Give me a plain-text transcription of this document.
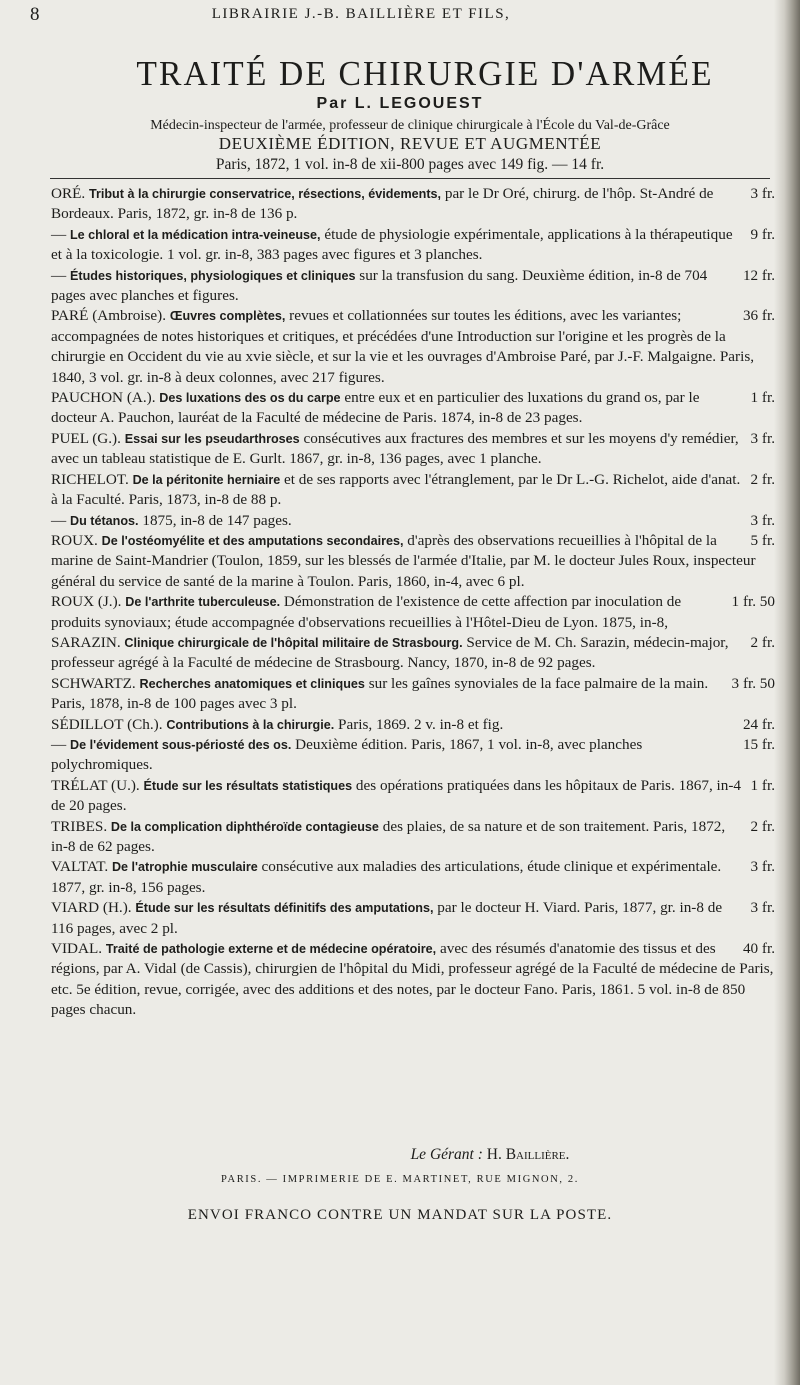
8	LIBRAIRIE J.-B. BAILLIÈRE ET FILS,
TRAITÉ DE CHIRURGIE D'ARMÉE
Par L. LEGOUEST
Médecin-inspecteur de l'armée, professeur de clinique chirurgicale à l'École du Val-de-Grâce
DEUXIÈME ÉDITION, REVUE ET AUGMENTÉE
Paris, 1872, 1 vol. in-8 de xii-800 pages avec 149 fig. — 14 fr.
3 fr.
ORÉ. Tribut à la chirurgie conservatrice, résections, évidements, par le Dr Oré, chirurg. de l'hôp. St-André de Bordeaux. Paris, 1872, gr. in-8 de 136 p.
9 fr.
— Le chloral et la médication intra-veineuse, étude de physiologie expérimentale, applications à la thérapeutique et à la toxicologie. 1 vol. gr. in-8, 383 pages avec figures et 3 planches.
12 fr.
— Études historiques, physiologiques et cliniques sur la transfusion du sang. Deuxième édition, in-8 de 704 pages avec planches et figures.
36 fr.
PARÉ (Ambroise). Œuvres complètes, revues et collationnées sur toutes les éditions, avec les variantes; accompagnées de notes historiques et critiques, et précédées d'une Introduction sur l'origine et les progrès de la chirurgie en Occident du vie au xvie siècle, et sur la vie et les ouvrages d'Ambroise Paré, par J.-F. Malgaigne. Paris, 1840, 3 vol. gr. in-8 à deux colonnes, avec 217 figures.
1 fr.
PAUCHON (A.). Des luxations des os du carpe entre eux et en particulier des luxations du grand os, par le docteur A. Pauchon, lauréat de la Faculté de médecine de Paris. 1874, in-8 de 23 pages.
3 fr.
PUEL (G.). Essai sur les pseudarthroses consécutives aux fractures des membres et sur les moyens d'y remédier, avec un tableau statistique de E. Gurlt. 1867, gr. in-8, 136 pages, avec 1 planche.
2 fr.
RICHELOT. De la péritonite herniaire et de ses rapports avec l'étranglement, par le Dr L.-G. Richelot, aide d'anat. à la Faculté. Paris, 1873, in-8 de 88 p.
3 fr.
— Du tétanos. 1875, in-8 de 147 pages.
5 fr.
ROUX. De l'ostéomyélite et des amputations secondaires, d'après des observations recueillies à l'hôpital de la marine de Saint-Mandrier (Toulon, 1859, sur les blessés de l'armée d'Italie, par M. le docteur Jules Roux, inspecteur général du service de santé de la marine à Toulon. Paris, 1860, in-4, avec 6 pl.
1 fr. 50
ROUX (J.). De l'arthrite tuberculeuse. Démonstration de l'existence de cette affection par inoculation de produits synoviaux; étude accompagnée d'observations recueillies à l'Hôtel-Dieu de Lyon. 1875, in-8,
2 fr.
SARAZIN. Clinique chirurgicale de l'hôpital militaire de Strasbourg. Service de M. Ch. Sarazin, médecin-major, professeur agrégé à la Faculté de médecine de Strasbourg. Nancy, 1870, in-8 de 92 pages.
3 fr. 50
SCHWARTZ. Recherches anatomiques et cliniques sur les gaînes synoviales de la face palmaire de la main. Paris, 1878, in-8 de 100 pages avec 3 pl.
24 fr.
SÉDILLOT (Ch.). Contributions à la chirurgie. Paris, 1869. 2 v. in-8 et fig.
15 fr.
— De l'évidement sous-périosté des os. Deuxième édition. Paris, 1867, 1 vol. in-8, avec planches polychromiques.
1 fr.
TRÉLAT (U.). Étude sur les résultats statistiques des opérations pratiquées dans les hôpitaux de Paris. 1867, in-4 de 20 pages.
2 fr.
TRIBES. De la complication diphthéroïde contagieuse des plaies, de sa nature et de son traitement. Paris, 1872, in-8 de 62 pages.
3 fr.
VALTAT. De l'atrophie musculaire consécutive aux maladies des articulations, étude clinique et expérimentale. 1877, gr. in-8, 156 pages.
3 fr.
VIARD (H.). Étude sur les résultats définitifs des amputations, par le docteur H. Viard. Paris, 1877, gr. in-8 de 116 pages, avec 2 pl.
40 fr.
VIDAL. Traité de pathologie externe et de médecine opératoire, avec des résumés d'anatomie des tissus et des régions, par A. Vidal (de Cassis), chirurgien de l'hôpital du Midi, professeur agrégé de la Faculté de médecine de Paris, etc. 5e édition, revue, corrigée, avec des additions et des notes, par le docteur Fano. Paris, 1861. 5 vol. in-8 de 850 pages chacun.
Le Gérant : H. Baillière.
PARIS. — IMPRIMERIE DE E. MARTINET, RUE MIGNON, 2.
ENVOI FRANCO CONTRE UN MANDAT SUR LA POSTE.
